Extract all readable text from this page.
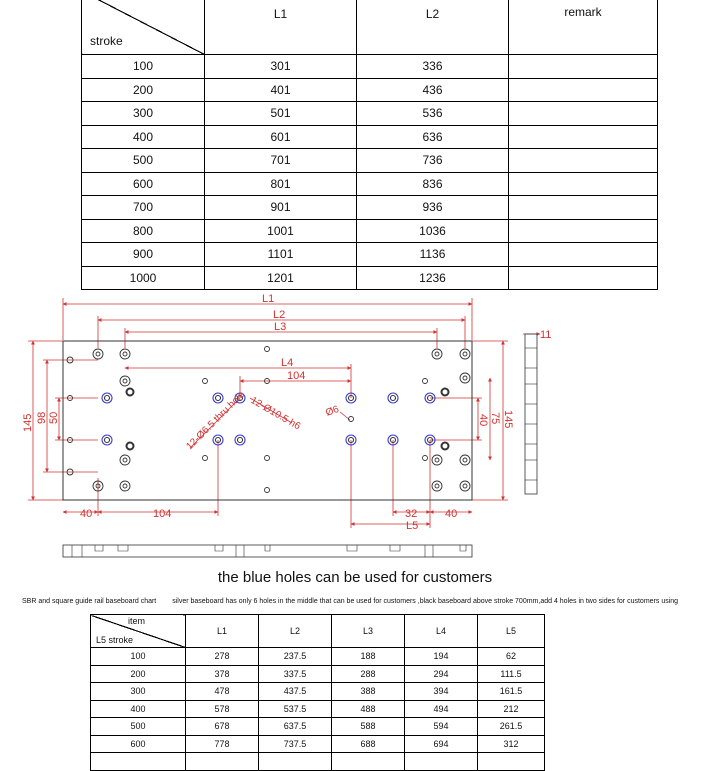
stroke	L1	L2	remark
100	301	336	
200	401	436	
300	501	536	
400	601	636	
500	701	736	
600	801	836	
700	901	936	
800	1001	1036	
900	1101	1136	
1000	1201	1236	
L1
L2
L3
L4
104
104
40	40
32
L5
11
145 98 50	40 75 145
12-Ø6.5 thru hole 12-Ø10.5 h6 Ø6
the blue holes can be used for customers
SBR and square guide rail baseboard chart silver baseboard has only 6 holes in the middle that can be used for customers ,black baseboard above stroke 700mm,add 4 holes in two sides for customers using
item
L5 stroke	L1	L2	L3	L4	L5
100	278	237.5	188	194	62
200	378	337.5	288	294	111.5
300	478	437.5	388	394	161.5
400	578	537.5	488	494	212
500	678	637.5	588	594	261.5
600	778	737.5	688	694	312
